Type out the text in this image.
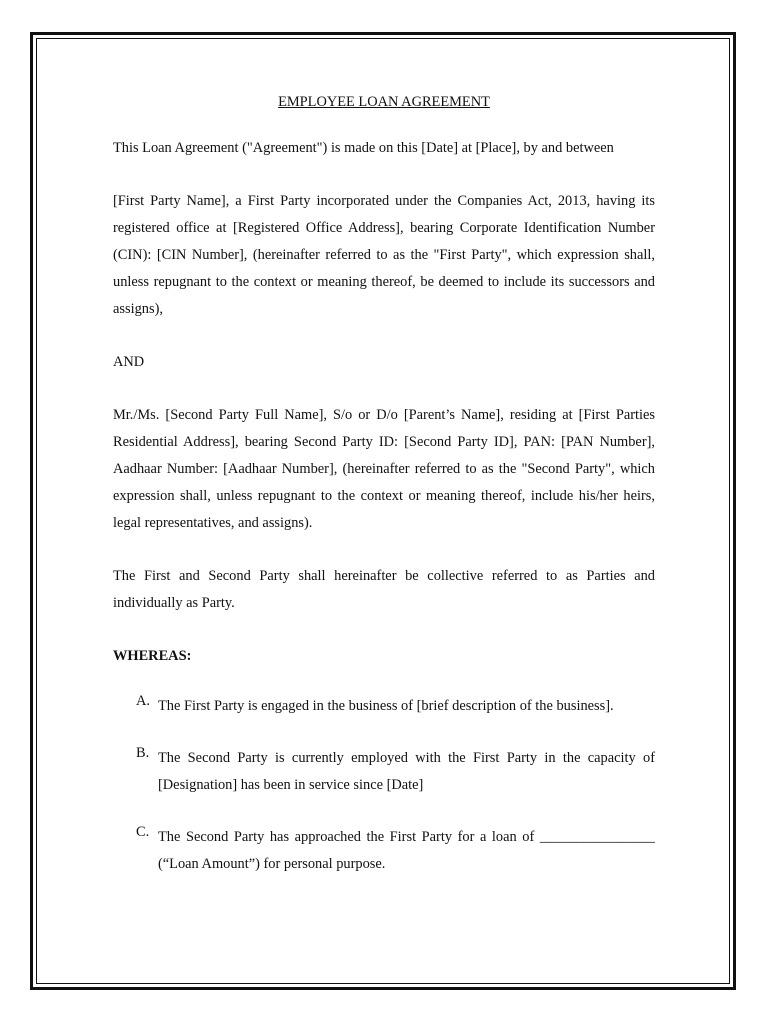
EMPLOYEE LOAN AGREEMENT

This Loan Agreement ("Agreement") is made on this [Date] at [Place], by and between

[First Party Name], a First Party incorporated under the Companies Act, 2013, having its registered office at [Registered Office Address], bearing Corporate Identification Number (CIN): [CIN Number], (hereinafter referred to as the "First Party", which expression shall, unless repugnant to the context or meaning thereof, be deemed to include its successors and assigns),

AND

Mr./Ms. [Second Party Full Name], S/o or D/o [Parent’s Name], residing at [First Parties Residential Address], bearing Second Party ID: [Second Party ID], PAN: [PAN Number], Aadhaar Number: [Aadhaar Number], (hereinafter referred to as the "Second Party", which expression shall, unless repugnant to the context or meaning thereof, include his/her heirs, legal representatives, and assigns).

The First and Second Party shall hereinafter be collective referred to as Parties and individually as Party.

WHEREAS:

A. The First Party is engaged in the business of [brief description of the business].
B. The Second Party is currently employed with the First Party in the capacity of [Designation] has been in service since [Date]
C. The Second Party has approached the First Party for a loan of ________________ (“Loan Amount”) for personal purpose.
